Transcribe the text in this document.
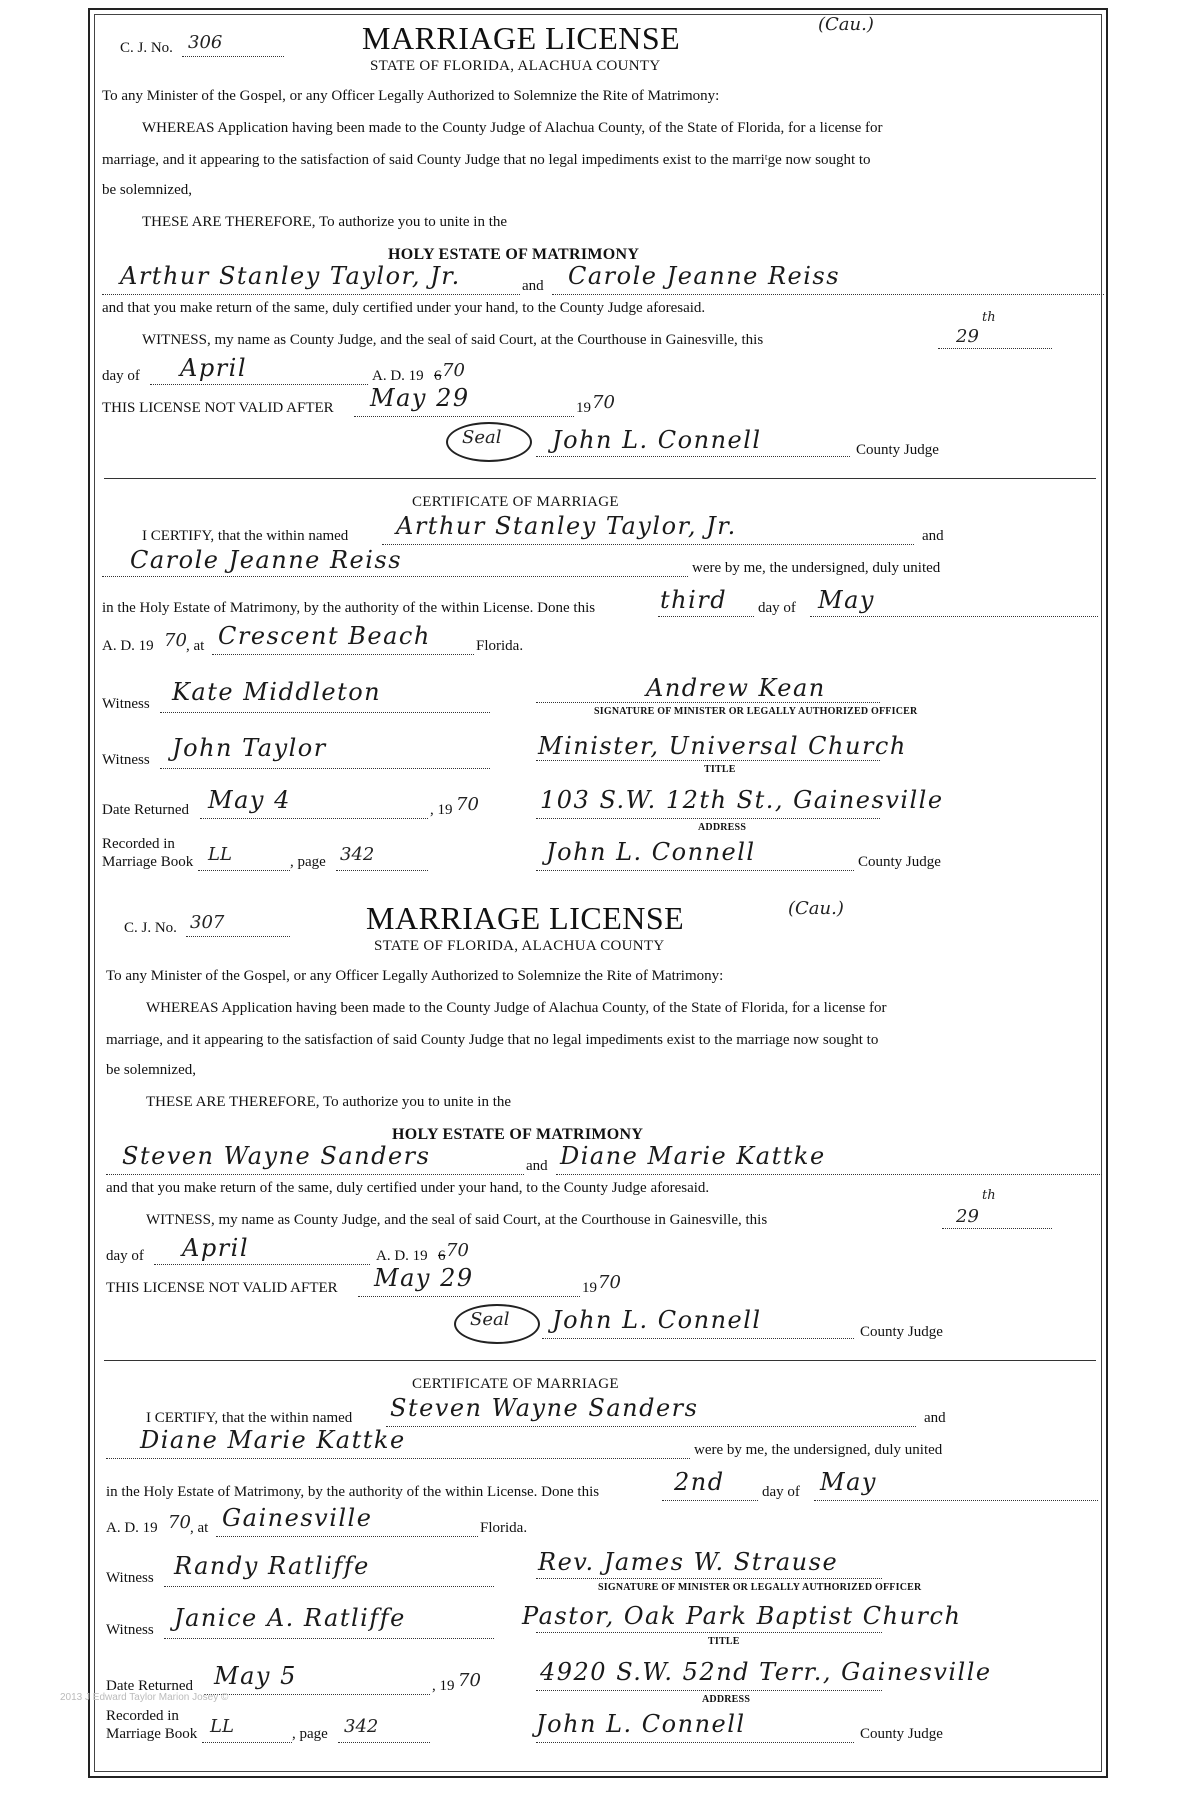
C. J. No. 306	MARRIAGE LICENSE
STATE OF FLORIDA, ALACHUA COUNTY
(Cau.)
To any Minister of the Gospel, or any Officer Legally Authorized to Solemnize the Rite of Matrimony:
WHEREAS Application having been made to the County Judge of Alachua County, of the State of Florida, for a license for
marriage, and it appearing to the satisfaction of said County Judge that no legal impediments exist to the marriᵗge now sought to
be solemnized,
THESE ARE THEREFORE, To authorize you to unite in the
HOLY ESTATE OF MATRIMONY
Arthur Stanley Taylor, Jr.	and Carole Jeanne Reiss
and that you make return of the same, duly certified under your hand, to the County Judge aforesaid.
WITNESS, my name as County Judge, and the seal of said Court, at the Courthouse in Gainesville, this	29
th
day of April	A. D. 19 6 70
THIS LICENSE NOT VALID AFTER May 29	19 70
Seal John L. Connell	County Judge
CERTIFICATE OF MARRIAGE
I CERTIFY, that the within named Arthur Stanley Taylor, Jr.	and
Carole Jeanne Reiss	were by me, the undersigned, duly united
in the Holy Estate of Matrimony, by the authority of the within License. Done this	third day of May
A. D. 19 70 , at Crescent Beach	Florida.
Witness Kate Middleton	Andrew Kean
SIGNATURE OF MINISTER OR LEGALLY AUTHORIZED OFFICER
Witness John Taylor	Minister, Universal Church
TITLE
Date Returned May 4	, 19 70	103 S.W. 12th St., Gainesville
ADDRESS
Recorded in
Marriage Book LL	, page 342	John L. Connell	County Judge
C. J. No. 307	MARRIAGE LICENSE
STATE OF FLORIDA, ALACHUA COUNTY
(Cau.)
To any Minister of the Gospel, or any Officer Legally Authorized to Solemnize the Rite of Matrimony:
WHEREAS Application having been made to the County Judge of Alachua County, of the State of Florida, for a license for
marriage, and it appearing to the satisfaction of said County Judge that no legal impediments exist to the marriage now sought to
be solemnized,
THESE ARE THEREFORE, To authorize you to unite in the
HOLY ESTATE OF MATRIMONY
Steven Wayne Sanders	and Diane Marie Kattke
and that you make return of the same, duly certified under your hand, to the County Judge aforesaid.
WITNESS, my name as County Judge, and the seal of said Court, at the Courthouse in Gainesville, this	29
th
day of April	A. D. 19 6 70
THIS LICENSE NOT VALID AFTER May 29	19 70
Seal John L. Connell	County Judge
CERTIFICATE OF MARRIAGE
I CERTIFY, that the within named Steven Wayne Sanders	and
Diane Marie Kattke	were by me, the undersigned, duly united
in the Holy Estate of Matrimony, by the authority of the within License. Done this	2nd day of May
A. D. 19 70 , at Gainesville	Florida.
Witness Randy Ratliffe	Rev. James W. Strause
SIGNATURE OF MINISTER OR LEGALLY AUTHORIZED OFFICER
Witness Janice A. Ratliffe	Pastor, Oak Park Baptist Church
TITLE
Date Returned May 5	, 19 70 4920 S.W. 52nd Terr., Gainesville
ADDRESS
Recorded in
Marriage Book LL	, page 342	John L. Connell	County Judge
2013 J Edward Taylor Marion Josey ©
